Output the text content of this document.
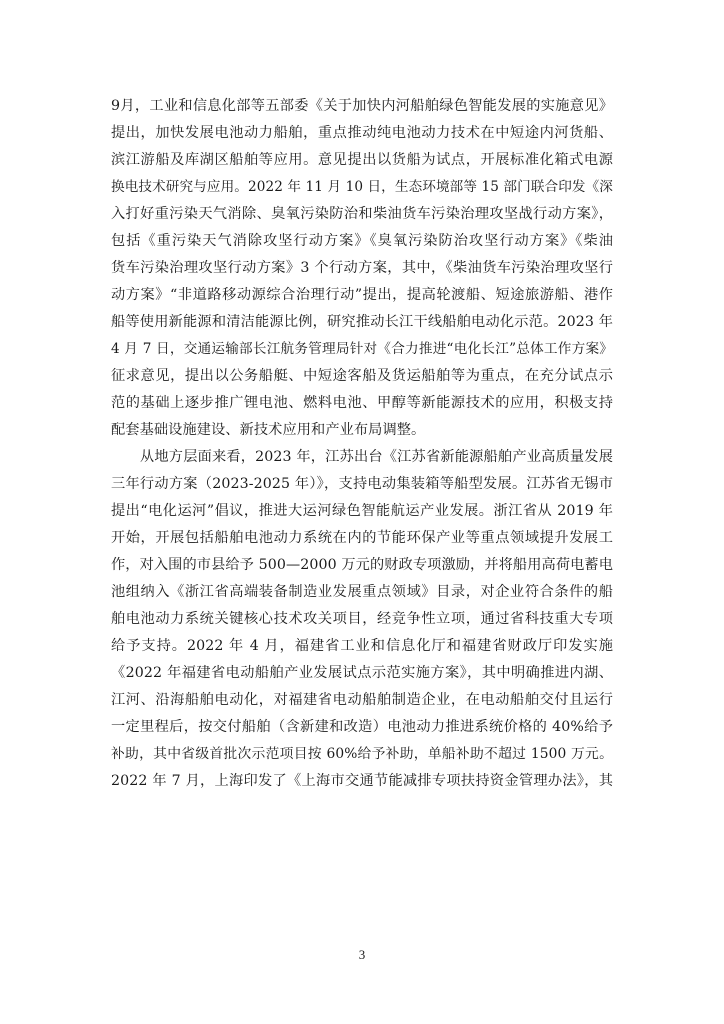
9月，工业和信息化部等五部委《关于加快内河船舶绿色智能发展的实施意见》
提出，加快发展电池动力船舶，重点推动纯电池动力技术在中短途内河货船、
滨江游船及库湖区船舶等应用。意见提出以货船为试点，开展标准化箱式电源
换电技术研究与应用。2022 年 11 月 10 日，生态环境部等 15 部门联合印发《深
入打好重污染天气消除、臭氧污染防治和柴油货车污染治理攻坚战行动方案》，
包括《重污染天气消除攻坚行动方案》《臭氧污染防治攻坚行动方案》《柴油
货车污染治理攻坚行动方案》3 个行动方案，其中，《柴油货车污染治理攻坚行
动方案》“非道路移动源综合治理行动”提出，提高轮渡船、短途旅游船、港作
船等使用新能源和清洁能源比例，研究推动长江干线船舶电动化示范。2023 年
4 月 7 日，交通运输部长江航务管理局针对《合力推进“电化长江”总体工作方案》
征求意见，提出以公务船艇、中短途客船及货运船舶等为重点，在充分试点示
范的基础上逐步推广锂电池、燃料电池、甲醇等新能源技术的应用，积极支持
配套基础设施建设、新技术应用和产业布局调整。
从地方层面来看，2023 年，江苏出台《江苏省新能源船舶产业高质量发展
三年行动方案（2023-2025 年）》，支持电动集装箱等船型发展。江苏省无锡市
提出“电化运河”倡议，推进大运河绿色智能航运产业发展。浙江省从 2019 年
开始，开展包括船舶电池动力系统在内的节能环保产业等重点领域提升发展工
作，对入围的市县给予 500—2000 万元的财政专项激励，并将船用高荷电蓄电
池组纳入《浙江省高端装备制造业发展重点领域》目录，对企业符合条件的船
舶电池动力系统关键核心技术攻关项目，经竞争性立项，通过省科技重大专项
给予支持。2022 年 4 月，福建省工业和信息化厅和福建省财政厅印发实施
《2022 年福建省电动船舶产业发展试点示范实施方案》，其中明确推进内湖、
江河、沿海船舶电动化，对福建省电动船舶制造企业，在电动船舶交付且运行
一定里程后，按交付船舶（含新建和改造）电池动力推进系统价格的 40%给予
补助，其中省级首批次示范项目按 60%给予补助，单船补助不超过 1500 万元。
2022 年 7 月，上海印发了《上海市交通节能减排专项扶持资金管理办法》，其
3
